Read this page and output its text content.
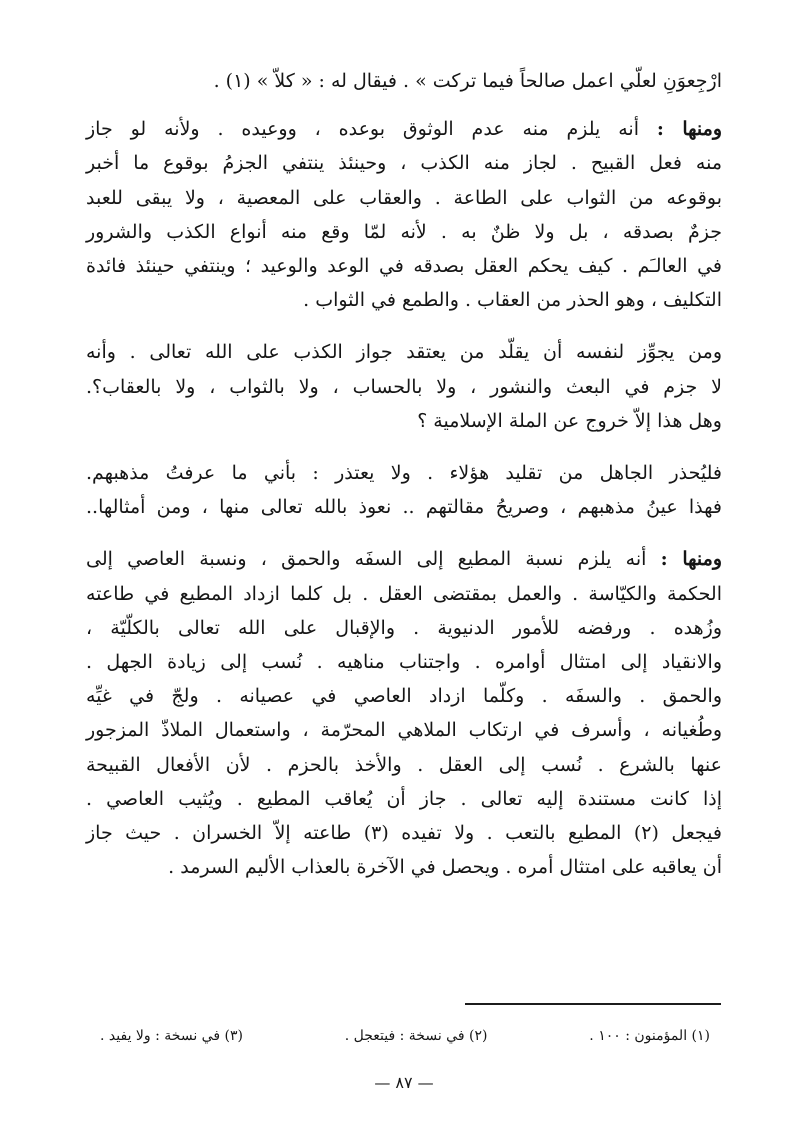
ارْجِعوَنِ لعلّي اعمل صالحاً فيما تركت » . فيقال له : « كلاّ » (١) .

ومنها : أنه يلزم منه عدم الوثوق بوعده ، ووعيده . ولأنه لو جاز
منه فعل القبيح . لجاز منه الكذب ، وحينئذ ينتفي الجزمُ بوقوع ما أخبر
بوقوعه من الثواب على الطاعة . والعقاب على المعصية ، ولا يبقى للعبد
جزمٌ بصدقه ، بل ولا ظنٌ به . لأنه لمّا وقع منه أنواع الكذب والشرور
في العالـَم . كيف يحكم العقل بصدقه في الوعد والوعيد ؛ وينتفي حينئذ فائدة
التكليف ، وهو الحذر من العقاب . والطمع في الثواب .

ومن يجوِّز لنفسه أن يقلّد من يعتقد جواز الكذب على الله تعالى . وأنه
لا جزم في البعث والنشور ، ولا بالحساب ، ولا بالثواب ، ولا بالعقاب؟.
وهل هذا إلاّ خروج عن الملة الإسلامية ؟

فليُحذر الجاهل من تقليد هؤلاء . ولا يعتذر : بأني ما عرفتُ مذهبهم.
فهذا عينُ مذهبهم ، وصريحُ مقالتهم .. نعوذ بالله تعالى منها ، ومن أمثالها..

ومنها : أنه يلزم نسبة المطيع إلى السفَه والحمق ، ونسبة العاصي إلى
الحكمة والكيّاسة . والعمل بمقتضى العقل . بل كلما ازداد المطيع في طاعته
وزُهده . ورفضه للأمور الدنيوية . والإقبال على الله تعالى بالكلّيّة ،
والانقياد إلى امتثال أوامره . واجتناب مناهيه . نُسب إلى زيادة الجهل .
والحمق . والسفَه . وكلّما ازداد العاصي في عصيانه . ولجّ في غيِّه
وطُغيانه ، وأسرف في ارتكاب الملاهي المحرّمة ، واستعمال الملاذّ المزجور
عنها بالشرع . نُسب إلى العقل . والأخذ بالحزم . لأن الأفعال القبيحة
إذا كانت مستندة إليه تعالى . جاز أن يُعاقب المطيع . ويُثيب العاصي .
فيجعل (٢) المطيع بالتعب . ولا تفيده (٣) طاعته إلاّ الخسران . حيث جاز
أن يعاقبه على امتثال أمره . ويحصل في الآخرة بالعذاب الأليم السرمد .

(١) المؤمنون : ١٠٠ .
(٢) في نسخة : فيتعجل .
(٣) في نسخة : ولا يفيد .
— ٨٧ —
